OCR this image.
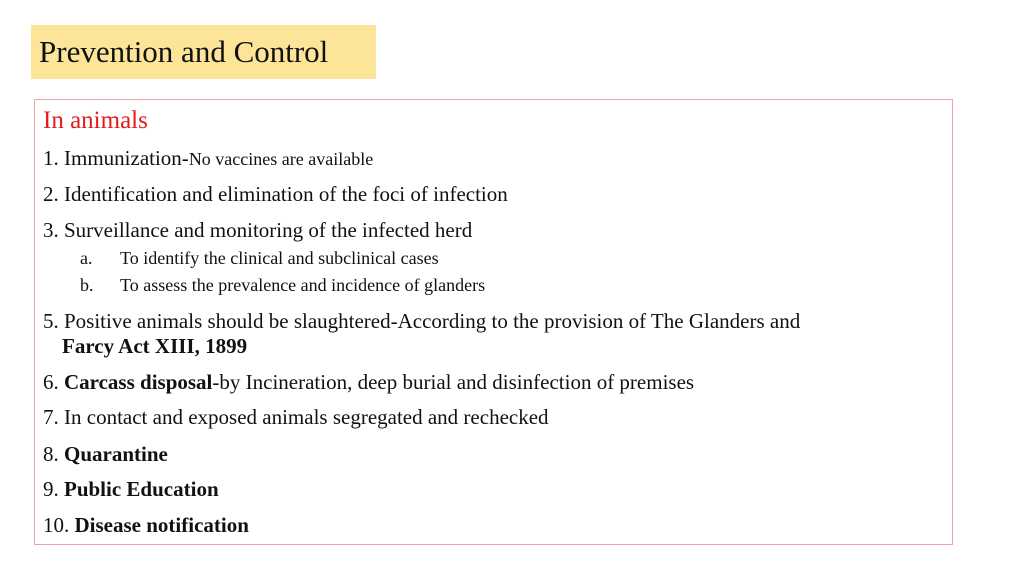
Prevention and Control
In animals
1. Immunization-No vaccines are available
2. Identification and elimination of the foci of infection
3. Surveillance and monitoring of the infected herd
a. To identify the clinical and subclinical cases
b. To assess the prevalence and incidence of glanders
5. Positive animals should be slaughtered-According to the provision of The Glanders and
Farcy Act XIII, 1899
6. Carcass disposal-by Incineration, deep burial and disinfection of premises
7. In contact and exposed animals segregated and rechecked
8. Quarantine
9. Public Education
10. Disease notification
